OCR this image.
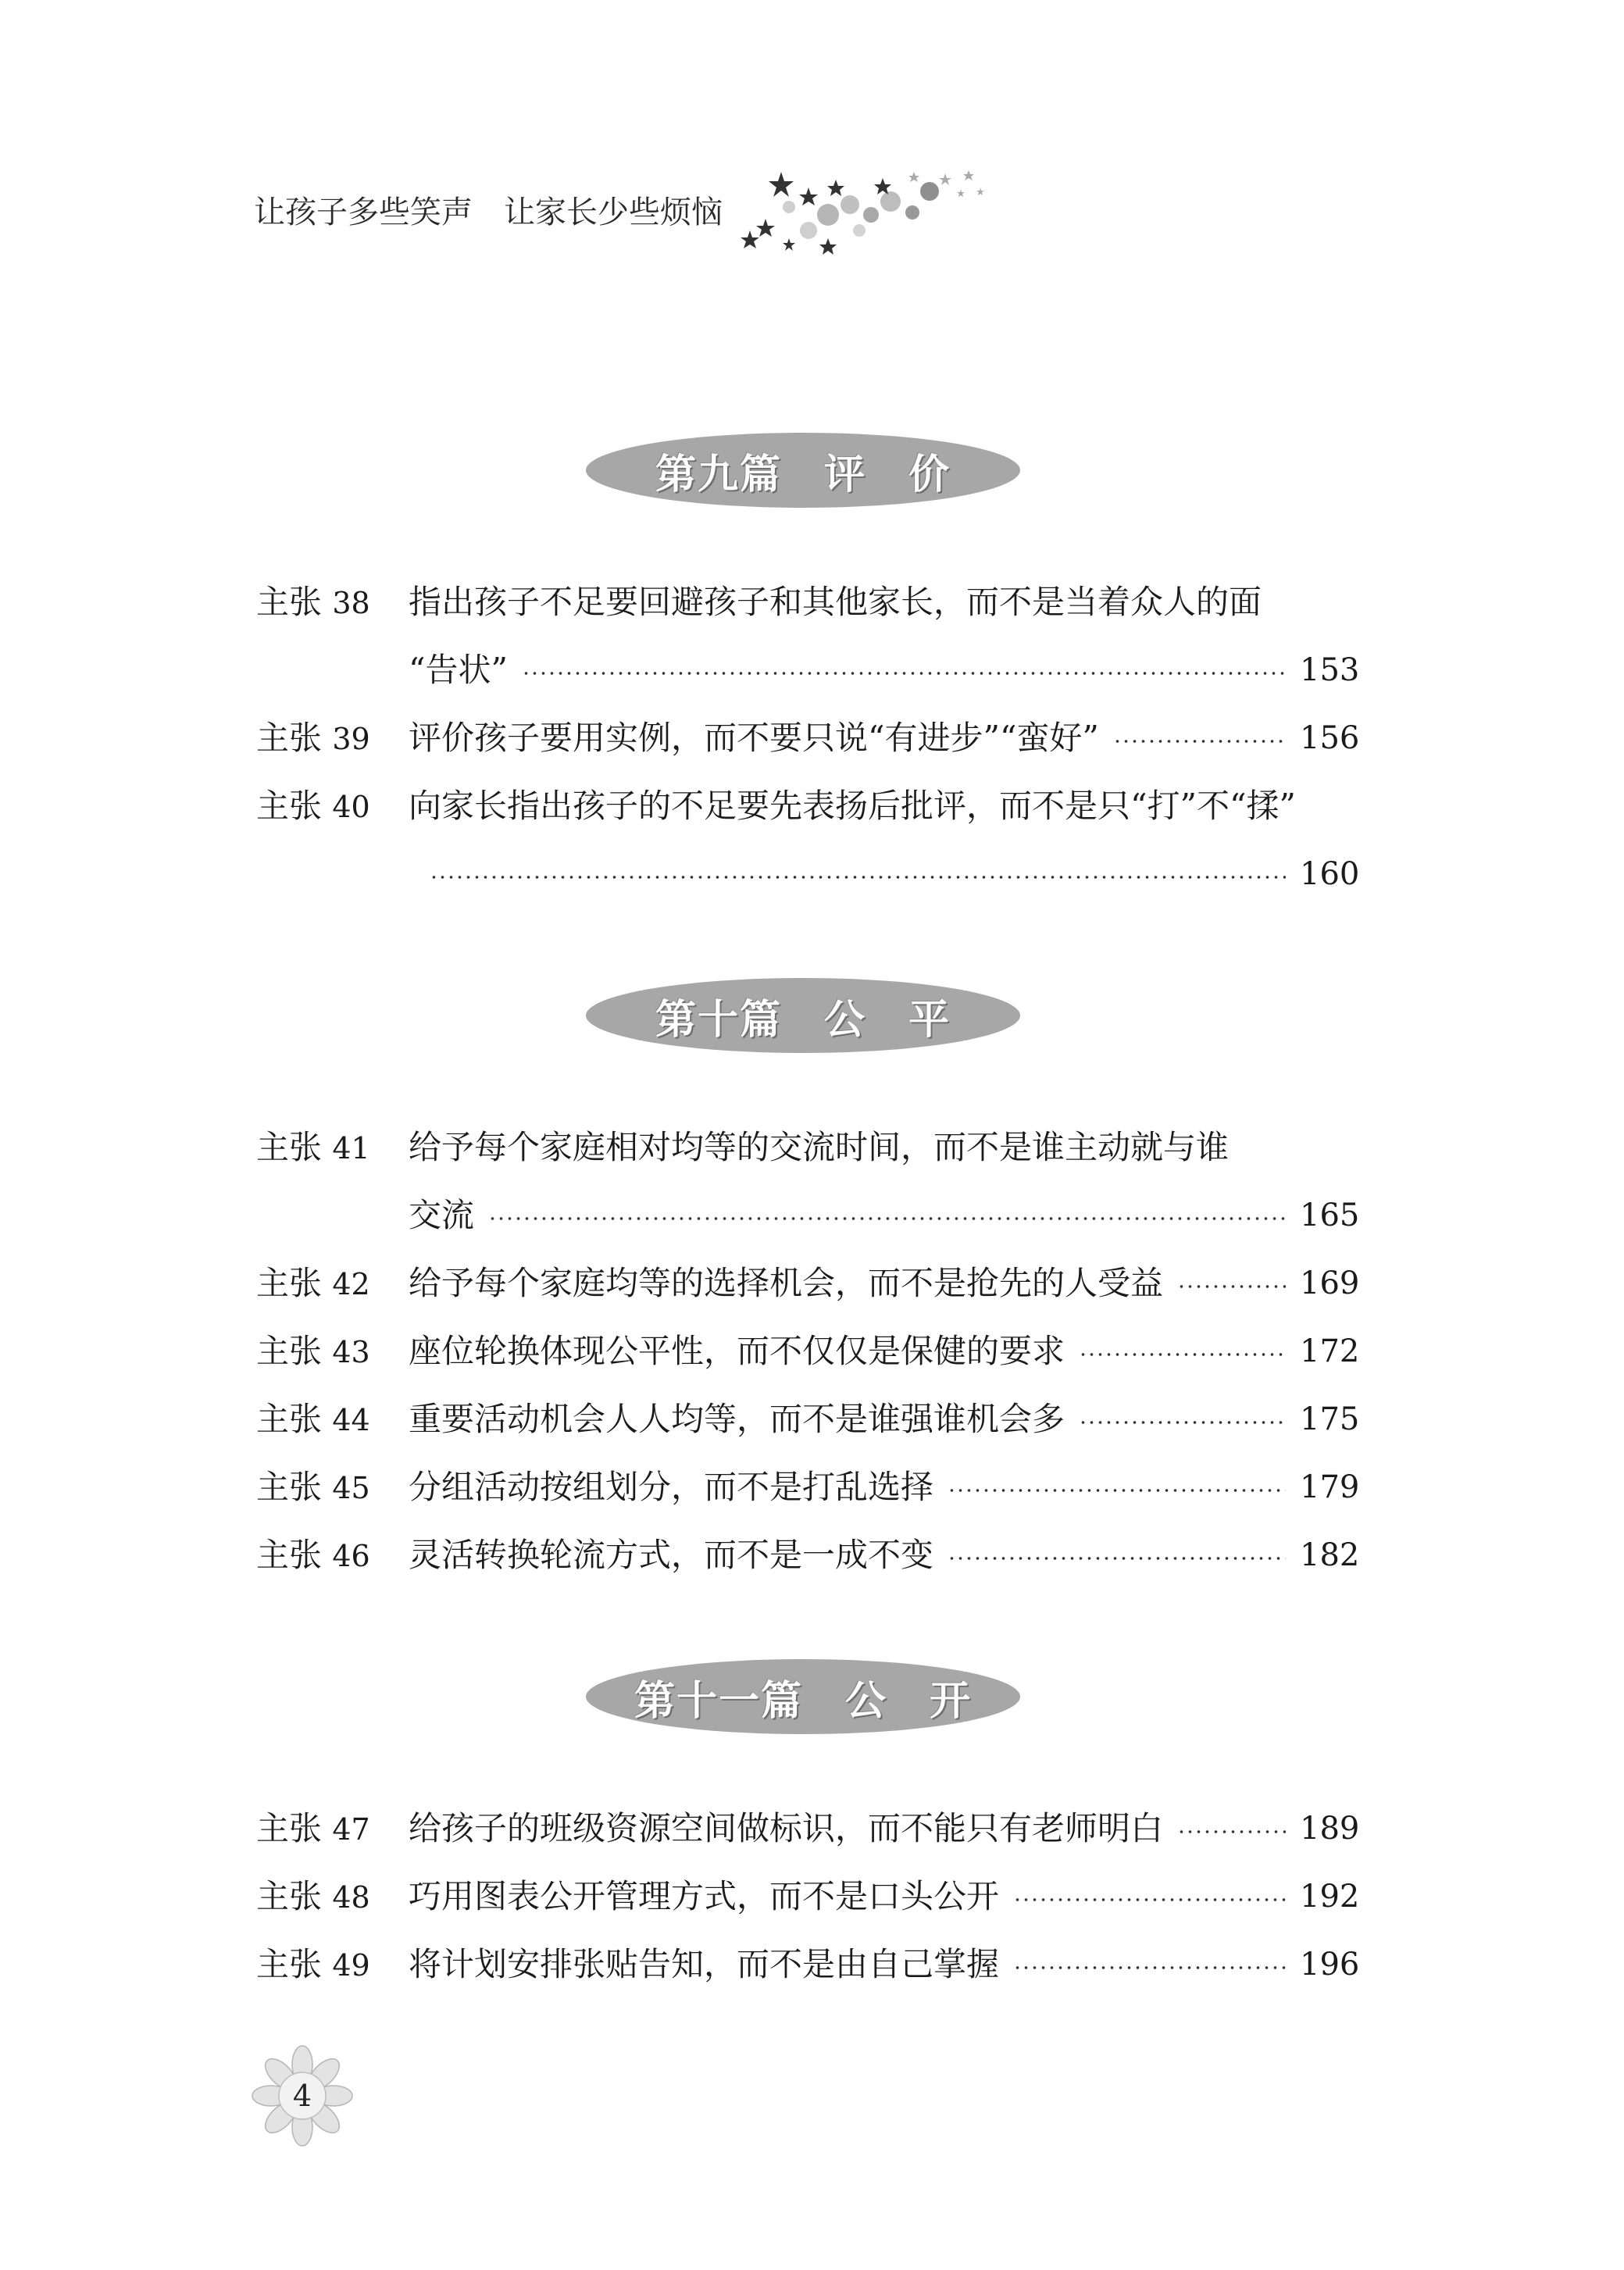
让孩子多些笑声　让家长少些烦恼
第九篇　评　价
主张 38	指出孩子不足要回避孩子和其他家长，而不是当着众人的面
“告状”	153
主张 39	评价孩子要用实例，而不要只说“有进步”“蛮好”	156
主张 40	向家长指出孩子的不足要先表扬后批评，而不是只“打”不“揉”
160
第十篇　公　平
主张 41	给予每个家庭相对均等的交流时间，而不是谁主动就与谁
交流	165
主张 42	给予每个家庭均等的选择机会，而不是抢先的人受益	169
主张 43	座位轮换体现公平性，而不仅仅是保健的要求	172
主张 44	重要活动机会人人均等，而不是谁强谁机会多	175
主张 45	分组活动按组划分，而不是打乱选择	179
主张 46	灵活转换轮流方式，而不是一成不变	182
第十一篇　公　开
主张 47	给孩子的班级资源空间做标识，而不能只有老师明白	189
主张 48	巧用图表公开管理方式，而不是口头公开	192
主张 49	将计划安排张贴告知，而不是由自己掌握	196
4
